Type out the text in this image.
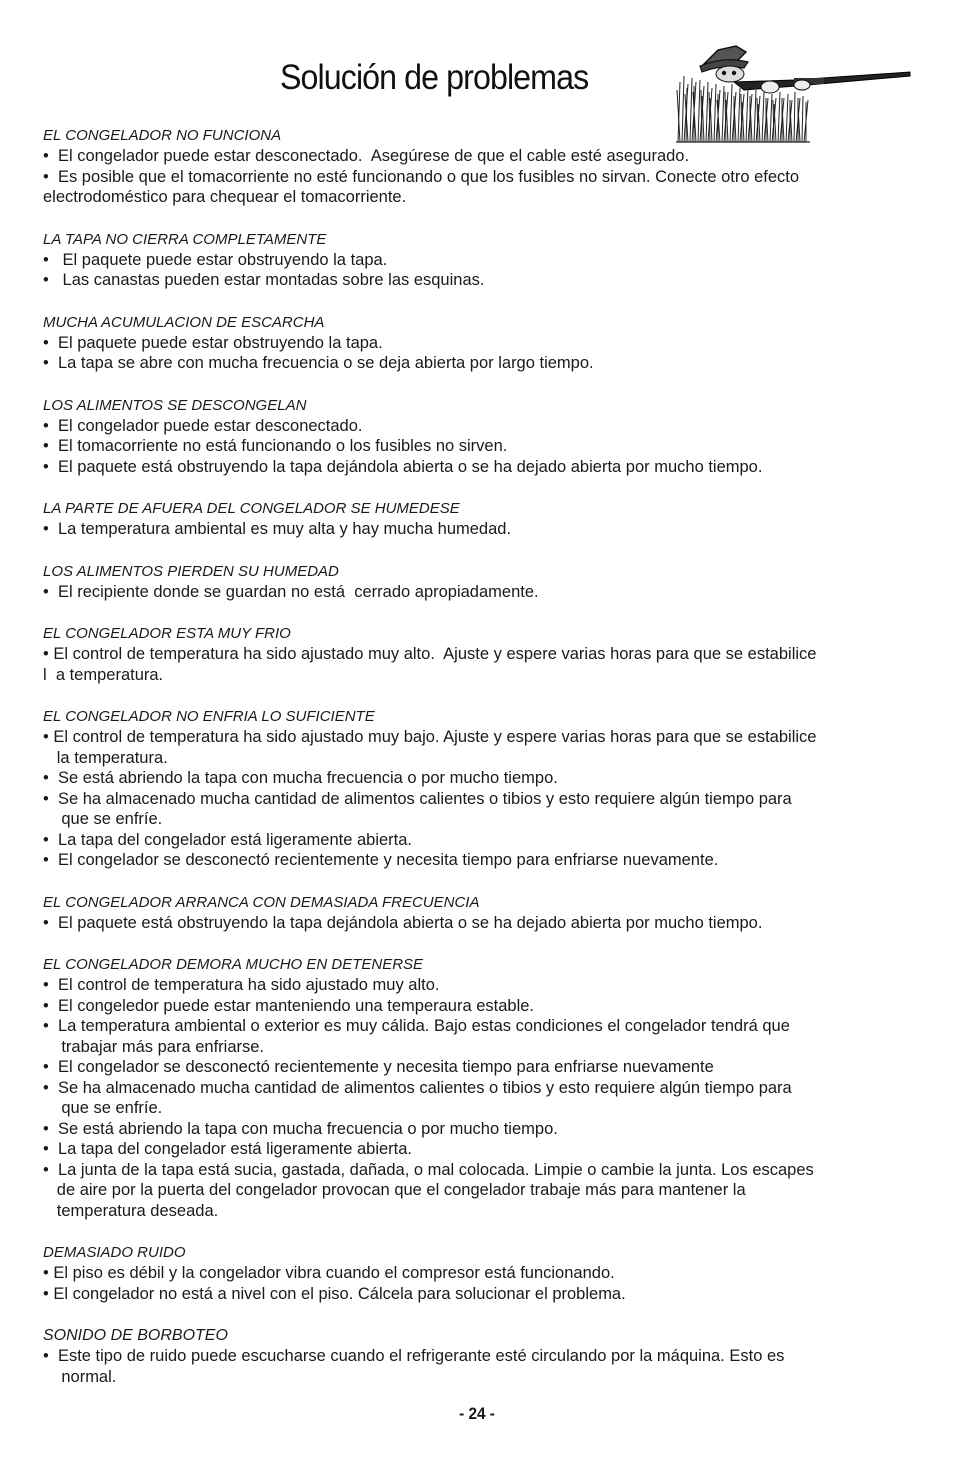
Solución de problemas
EL CONGELADOR NO FUNCIONA
•  El congelador puede estar desconectado.  Asegúrese de que el cable esté asegurado.
•  Es posible que el tomacorriente no esté funcionando o que los fusibles no sirvan. Conecte otro efecto
electrodoméstico para chequear el tomacorriente.
LA TAPA NO CIERRA COMPLETAMENTE
•   El paquete puede estar obstruyendo la tapa.
•   Las canastas pueden estar montadas sobre las esquinas.
MUCHA ACUMULACION DE ESCARCHA
•  El paquete puede estar obstruyendo la tapa.
•  La tapa se abre con mucha frecuencia o se deja abierta por largo tiempo.
LOS ALIMENTOS SE DESCONGELAN
•  El congelador puede estar desconectado.
•  El tomacorriente no está funcionando o los fusibles no sirven.
•  El paquete está obstruyendo la tapa dejándola abierta o se ha dejado abierta por mucho tiempo.
LA PARTE DE AFUERA DEL CONGELADOR SE HUMEDESE
•  La temperatura ambiental es muy alta y hay mucha humedad.
LOS ALIMENTOS PIERDEN SU HUMEDAD
•  El recipiente donde se guardan no está  cerrado apropiadamente.
EL CONGELADOR ESTA MUY FRIO
• El control de temperatura ha sido ajustado muy alto.  Ajuste y espere varias horas para que se estabilice
l  a temperatura.
EL CONGELADOR NO ENFRIA LO SUFICIENTE
• El control de temperatura ha sido ajustado muy bajo. Ajuste y espere varias horas para que se estabilice
la temperatura.
•  Se está abriendo la tapa con mucha frecuencia o por mucho tiempo.
•  Se ha almacenado mucha cantidad de alimentos calientes o tibios y esto requiere algún tiempo para
que se enfríe.
•  La tapa del congelador está ligeramente abierta.
•  El congelador se desconectó recientemente y necesita tiempo para enfriarse nuevamente.
EL CONGELADOR ARRANCA CON DEMASIADA FRECUENCIA
•  El paquete está obstruyendo la tapa dejándola abierta o se ha dejado abierta por mucho tiempo.
EL CONGELADOR DEMORA MUCHO EN DETENERSE
•  El control de temperatura ha sido ajustado muy alto.
•  El congeledor puede estar manteniendo una temperaura estable.
•  La temperatura ambiental o exterior es muy cálida. Bajo estas condiciones el congelador tendrá que
trabajar más para enfriarse.
•  El congelador se desconectó recientemente y necesita tiempo para enfriarse nuevamente
•  Se ha almacenado mucha cantidad de alimentos calientes o tibios y esto requiere algún tiempo para
que se enfríe.
•  Se está abriendo la tapa con mucha frecuencia o por mucho tiempo.
•  La tapa del congelador está ligeramente abierta.
•  La junta de la tapa está sucia, gastada, dañada, o mal colocada. Limpie o cambie la junta. Los escapes
de aire por la puerta del congelador provocan que el congelador trabaje más para mantener la
temperatura deseada.
DEMASIADO RUIDO
• El piso es débil y la congelador vibra cuando el compresor está funcionando.
• El congelador no está a nivel con el piso. Cálcela para solucionar el problema.
SONIDO DE BORBOTEO
•  Este tipo de ruido puede escucharse cuando el refrigerante esté circulando por la máquina. Esto es
normal.
- 24 -
